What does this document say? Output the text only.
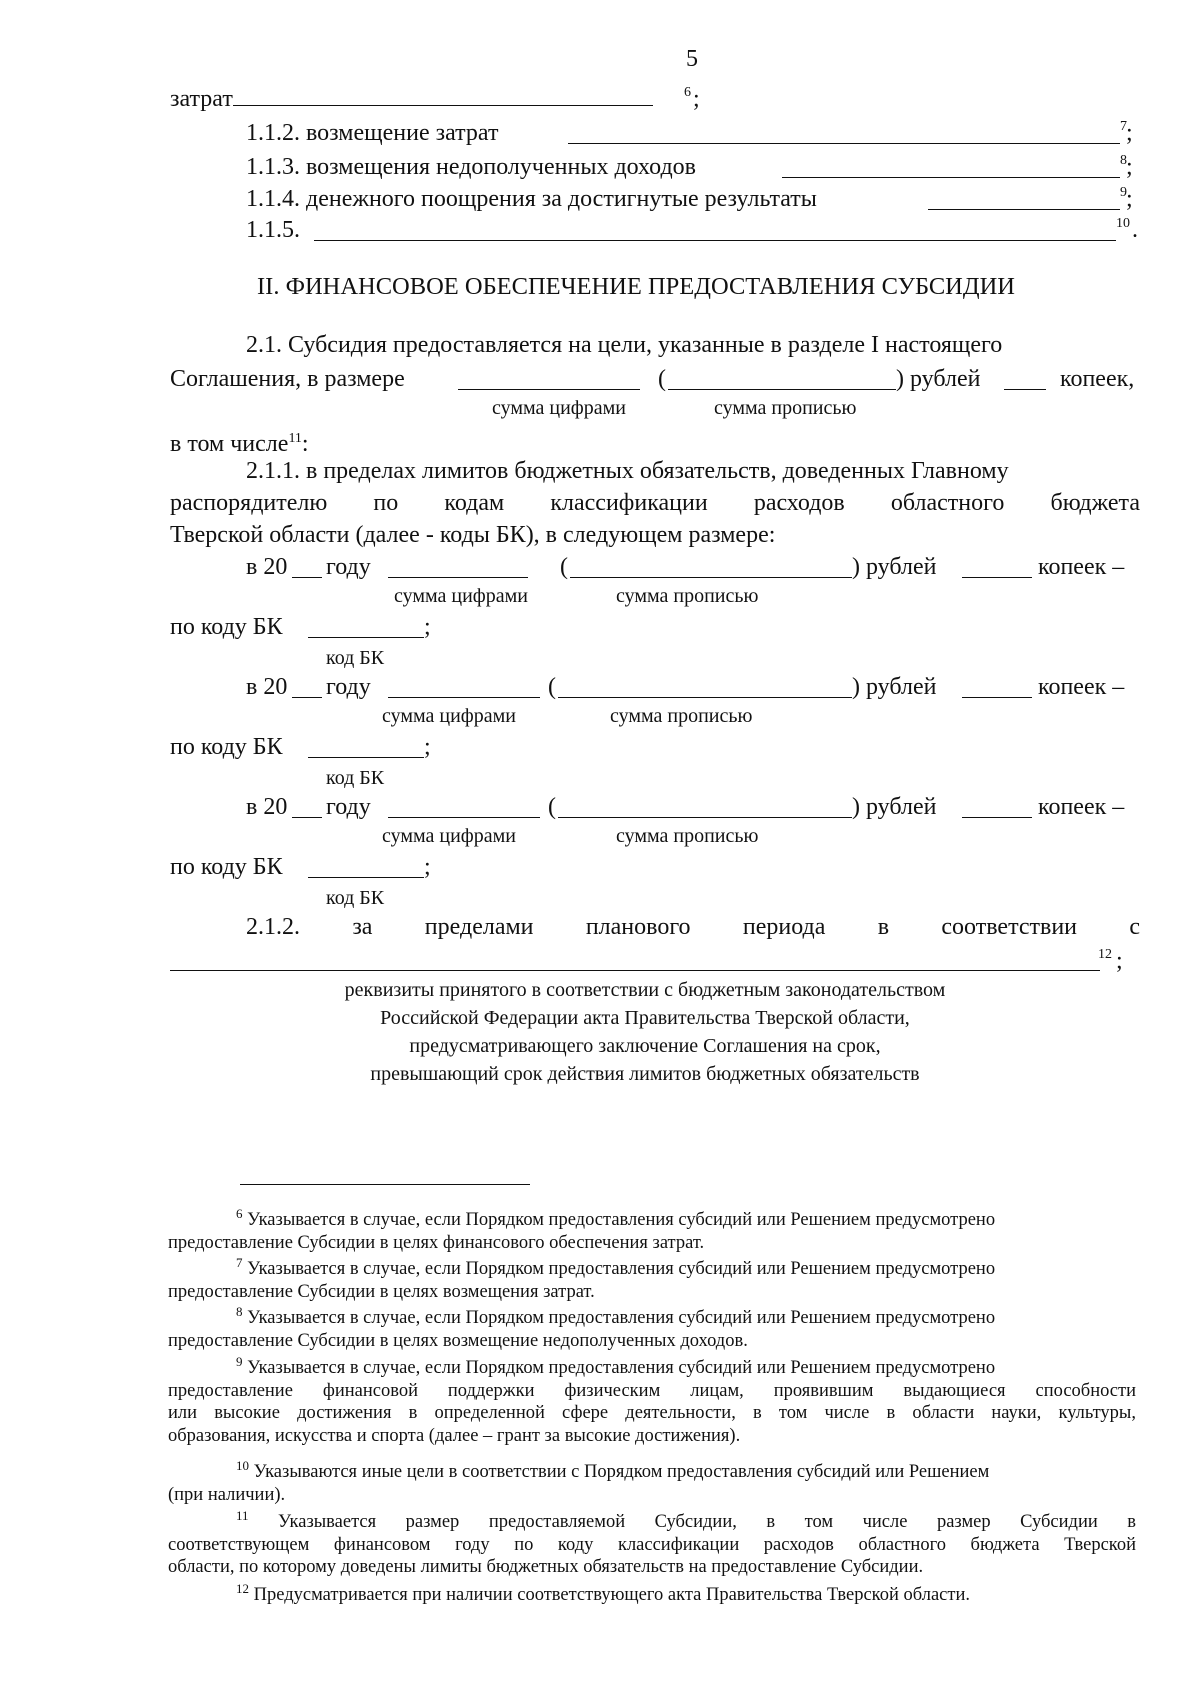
5
затрат	6 ;
1.1.2. возмещение затрат	7 ;
1.1.3. возмещения недополученных доходов	8 ;
1.1.4. денежного поощрения за достигнутые результаты	9 ;
1.1.5.	10 .
II. ФИНАНСОВОЕ ОБЕСПЕЧЕНИЕ ПРЕДОСТАВЛЕНИЯ СУБСИДИИ
2.1. Субсидия предоставляется на цели, указанные в разделе I настоящего
Соглашения, в размере	(	) рублей	копеек,
сумма цифрами	сумма прописью
в том числе$^{11}$:
2.1.1. в пределах лимитов бюджетных обязательств, доведенных Главному
распорядителю по кодам классификации расходов областного бюджета
Тверской области (далее - коды БК), в следующем размере:
в 20 году	(	) рублей	копеек –
сумма цифрами	сумма прописью
по коду БК	;
код БК
в 20 году	(	) рублей	копеек –
сумма цифрами	сумма прописью
по коду БК	;
код БК
в 20 году	(	) рублей	копеек –
сумма цифрами	сумма прописью
по коду БК	;
код БК
2.1.2. за пределами планового периода в соответствии с
12 ;
реквизиты принятого в соответствии с бюджетным законодательством
Российской Федерации акта Правительства Тверской области,
предусматривающего заключение Соглашения на срок,
превышающий срок действия лимитов бюджетных обязательств
$^6$ Указывается в случае, если Порядком предоставления субсидий или Решением предусмотрено
предоставление Субсидии в целях финансового обеспечения затрат.
$^7$ Указывается в случае, если Порядком предоставления субсидий или Решением предусмотрено
предоставление Субсидии в целях возмещения затрат.
$^8$ Указывается в случае, если Порядком предоставления субсидий или Решением предусмотрено
предоставление Субсидии в целях возмещение недополученных доходов.
$^9$ Указывается в случае, если Порядком предоставления субсидий или Решением предусмотрено
предоставление финансовой поддержки физическим лицам, проявившим выдающиеся способности
или высокие достижения в определенной сфере деятельности, в том числе в области науки, культуры,
образования, искусства и спорта (далее – грант за высокие достижения).
$^{10}$ Указываются иные цели в соответствии с Порядком предоставления субсидий или Решением
(при наличии).
$^{11}$ Указывается размер предоставляемой Субсидии, в том числе размер Субсидии в
соответствующем финансовом году по коду классификации расходов областного бюджета Тверской
области, по которому доведены лимиты бюджетных обязательств на предоставление Субсидии.
$^{12}$ Предусматривается при наличии соответствующего акта Правительства Тверской области.
